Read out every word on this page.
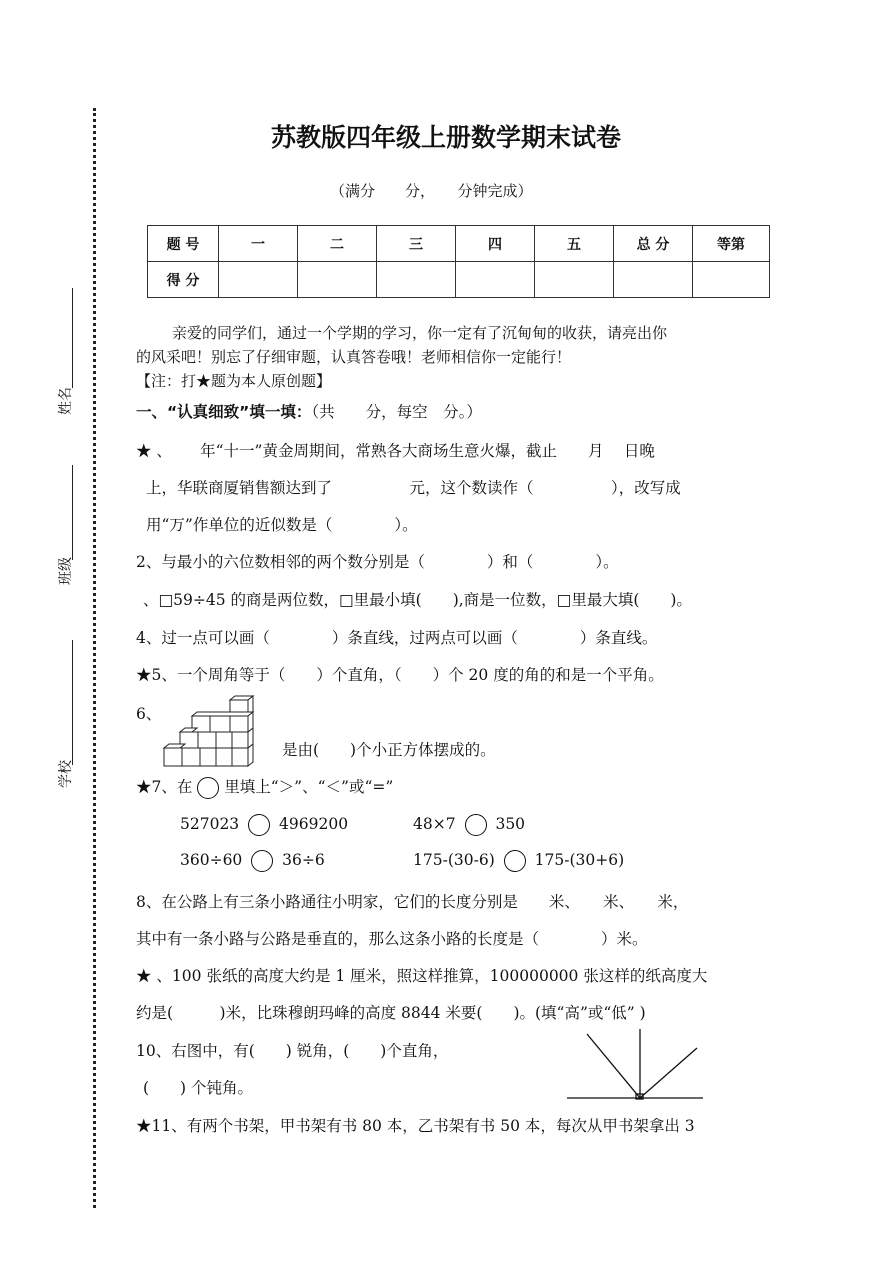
姓名
班级
学校
苏教版四年级上册数学期末试卷
（满分　　分，　　分钟完成）
题 号	一	二	三	四	五	总 分	等第
得 分							
亲爱的同学们，通过一个学期的学习，你一定有了沉甸甸的收获，请亮出你
的风采吧！别忘了仔细审题，认真答卷哦！老师相信你一定能行！
【注：打★题为本人原创题】
一、“认真细致”填一填：（共　　分，每空　分。）
★ 、　　 年“十一”黄金周期间，常熟各大商场生意火爆，截止　　月　 日晚
上，华联商厦销售额达到了　　　　　元，这个数读作（　　　　　），改写成
用“万”作单位的近似数是（　　　　）。
2、与最小的六位数相邻的两个数分别是（　　　　）和（　　　　）。
、□59÷45 的商是两位数，□里最小填(　　),商是一位数，□里最大填(　　)。
4、过一点可以画（　　　　）条直线，过两点可以画（　　　　）条直线。
★5、一个周角等于（　　）个直角，（　　）个 20 度的角的和是一个平角。
6、
是由(　　)个小正方体摆成的。
★7、在 里填上“＞”、“＜”或“=”
527023	4969200	48×7	350
360÷60	36÷6	175-(30-6)	175-(30+6)
8、在公路上有三条小路通往小明家，它们的长度分别是　　米、　　米、　　米，
其中有一条小路与公路是垂直的，那么这条小路的长度是（　　　　）米。
★ 、100 张纸的高度大约是 1 厘米，照这样推算，100000000 张这样的纸高度大
约是(　　　)米，比珠穆朗玛峰的高度 8844 米要(　　)。(填“高”或“低” )
10、右图中，有(　　) 锐角，(　　)个直角，
(　　) 个钝角。
★11、有两个书架，甲书架有书 80 本，乙书架有书 50 本，每次从甲书架拿出 3
